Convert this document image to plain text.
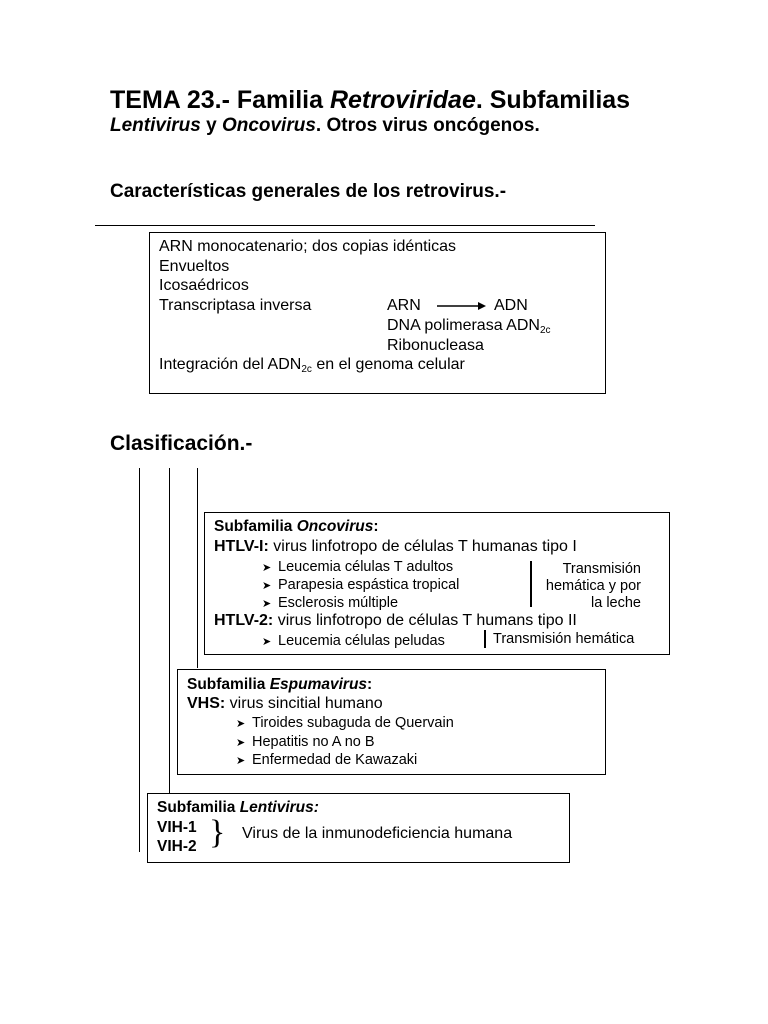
TEMA 23.- Familia Retroviridae. Subfamilias
Lentivirus y Oncovirus. Otros virus oncógenos.
Características generales de los retrovirus.-
ARN monocatenario; dos copias idénticas
Envueltos
Icosaédricos
Transcriptasa inversa	ARN	ADN
DNA polimerasa $ADN_{2c}$
Ribonucleasa
Integración del $ADN_{2c}$ en el genoma celular
Clasificación.-
Subfamilia Oncovirus:
HTLV-I: virus linfotropo de células T humanas tipo I
➤ Leucemia células T adultos
➤ Parapesia espástica tropical
➤ Esclerosis múltiple
Transmisión
hemática y por
la leche
HTLV-2: virus linfotropo de células T humans tipo II
➤ Leucemia células peludas	Transmisión hemática
Subfamilia Espumavirus:
VHS: virus sincitial humano
➤ Tiroides subaguda de Quervain
➤ Hepatitis no A no B
➤ Enfermedad de Kawazaki
Subfamilia Lentivirus:
VIH-1
VIH-2 } Virus de la inmunodeficiencia humana
